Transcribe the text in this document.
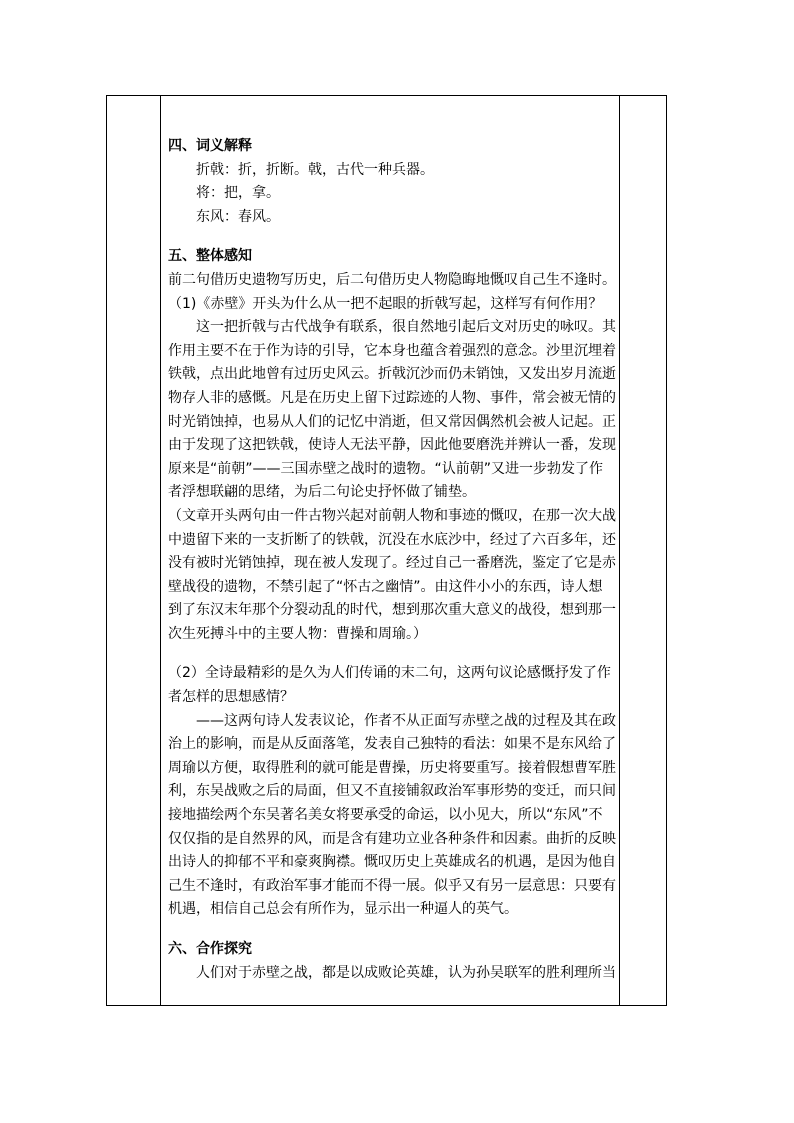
四、词义解释

折戟：折，折断。戟，古代一种兵器。

将：把，拿。

东风：春风。

五、整体感知

前二句借历史遗物写历史，后二句借历史人物隐晦地慨叹自己生不逢时。

（1)《赤壁》开头为什么从一把不起眼的折戟写起，这样写有何作用？

这一把折戟与古代战争有联系，很自然地引起后文对历史的咏叹。其作用主要不在于作为诗的引导，它本身也蕴含着强烈的意念。沙里沉埋着铁戟，点出此地曾有过历史风云。折戟沉沙而仍未销蚀，又发出岁月流逝物存人非的感慨。凡是在历史上留下过踪迹的人物、事件，常会被无情的时光销蚀掉，也易从人们的记忆中消逝，但又常因偶然机会被人记起。正由于发现了这把铁戟，使诗人无法平静，因此他要磨洗并辨认一番，发现原来是“前朝”——三国赤壁之战时的遗物。“认前朝”又进一步勃发了作者浮想联翩的思绪，为后二句论史抒怀做了铺垫。

（文章开头两句由一件古物兴起对前朝人物和事迹的慨叹，在那一次大战中遗留下来的一支折断了的铁戟，沉没在水底沙中，经过了六百多年，还没有被时光销蚀掉，现在被人发现了。经过自己一番磨洗，鉴定了它是赤壁战役的遗物，不禁引起了“怀古之幽情”。由这件小小的东西，诗人想到了东汉末年那个分裂动乱的时代，想到那次重大意义的战役，想到那一次生死搏斗中的主要人物：曹操和周瑜。）

（2）全诗最精彩的是久为人们传诵的末二句，这两句议论感慨抒发了作者怎样的思想感情？

——这两句诗人发表议论，作者不从正面写赤壁之战的过程及其在政治上的影响，而是从反面落笔，发表自己独特的看法：如果不是东风给了周瑜以方便，取得胜利的就可能是曹操，历史将要重写。接着假想曹军胜利，东吴战败之后的局面，但又不直接铺叙政治军事形势的变迁，而只间接地描绘两个东吴著名美女将要承受的命运，以小见大，所以“东风”不仅仅指的是自然界的风，而是含有建功立业各种条件和因素。曲折的反映出诗人的抑郁不平和豪爽胸襟。慨叹历史上英雄成名的机遇，是因为他自己生不逢时，有政治军事才能而不得一展。似乎又有另一层意思：只要有机遇，相信自己总会有所作为，显示出一种逼人的英气。

六、合作探究

人们对于赤壁之战，都是以成败论英雄，认为孙吴联军的胜利理所当
